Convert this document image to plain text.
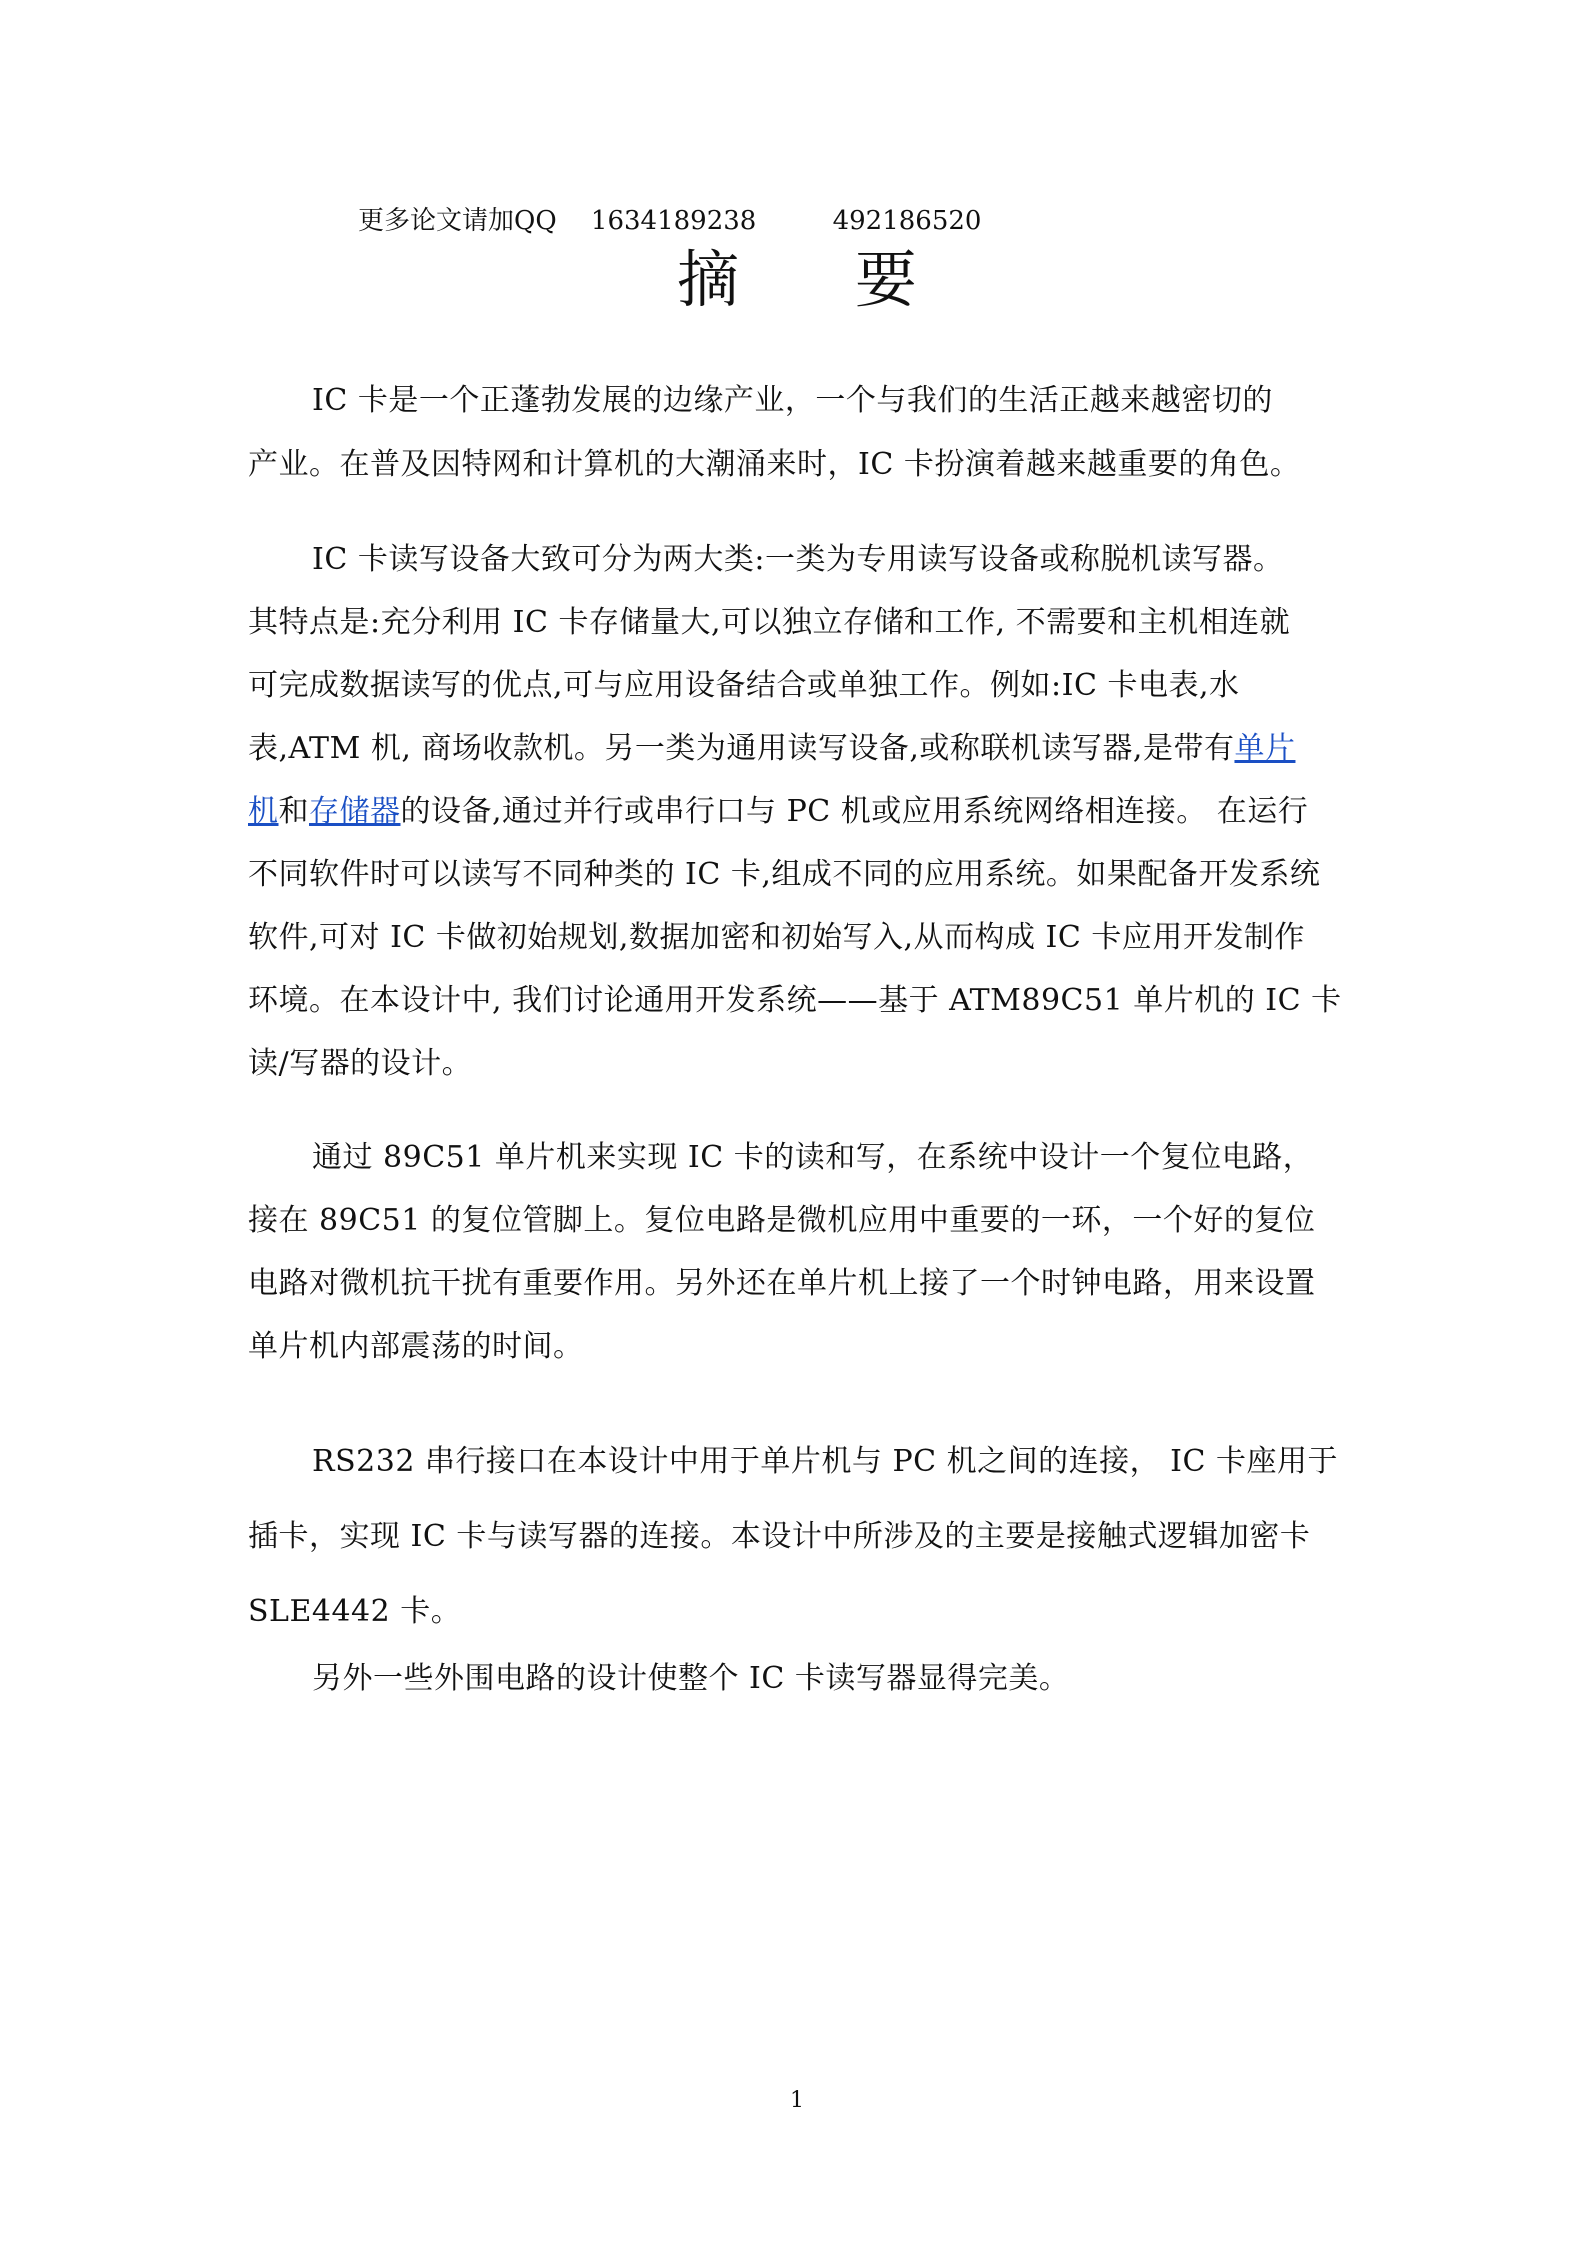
更多论文请加QQ 1634189238	492186520
摘 要

IC 卡是一个正蓬勃发展的边缘产业，一个与我们的生活正越来越密切的
产业。在普及因特网和计算机的大潮涌来时，IC 卡扮演着越来越重要的角色。

IC 卡读写设备大致可分为两大类:一类为专用读写设备或称脱机读写器。
其特点是:充分利用 IC 卡存储量大,可以独立存储和工作, 不需要和主机相连就
可完成数据读写的优点,可与应用设备结合或单独工作。例如:IC 卡电表,水
表,ATM 机, 商场收款机。另一类为通用读写设备,或称联机读写器,是带有单片
机和存储器的设备,通过并行或串行口与 PC 机或应用系统网络相连接。 在运行
不同软件时可以读写不同种类的 IC 卡,组成不同的应用系统。如果配备开发系统
软件,可对 IC 卡做初始规划,数据加密和初始写入,从而构成 IC 卡应用开发制作
环境。在本设计中, 我们讨论通用开发系统——基于 ATM89C51 单片机的 IC 卡
读/写器的设计。

通过 89C51 单片机来实现 IC 卡的读和写，在系统中设计一个复位电路，
接在 89C51 的复位管脚上。复位电路是微机应用中重要的一环，一个好的复位
电路对微机抗干扰有重要作用。另外还在单片机上接了一个时钟电路，用来设置
单片机内部震荡的时间。

RS232 串行接口在本设计中用于单片机与 PC 机之间的连接， IC 卡座用于
插卡，实现 IC 卡与读写器的连接。本设计中所涉及的主要是接触式逻辑加密卡
SLE4442 卡。

另外一些外围电路的设计使整个 IC 卡读写器显得完美。

1
